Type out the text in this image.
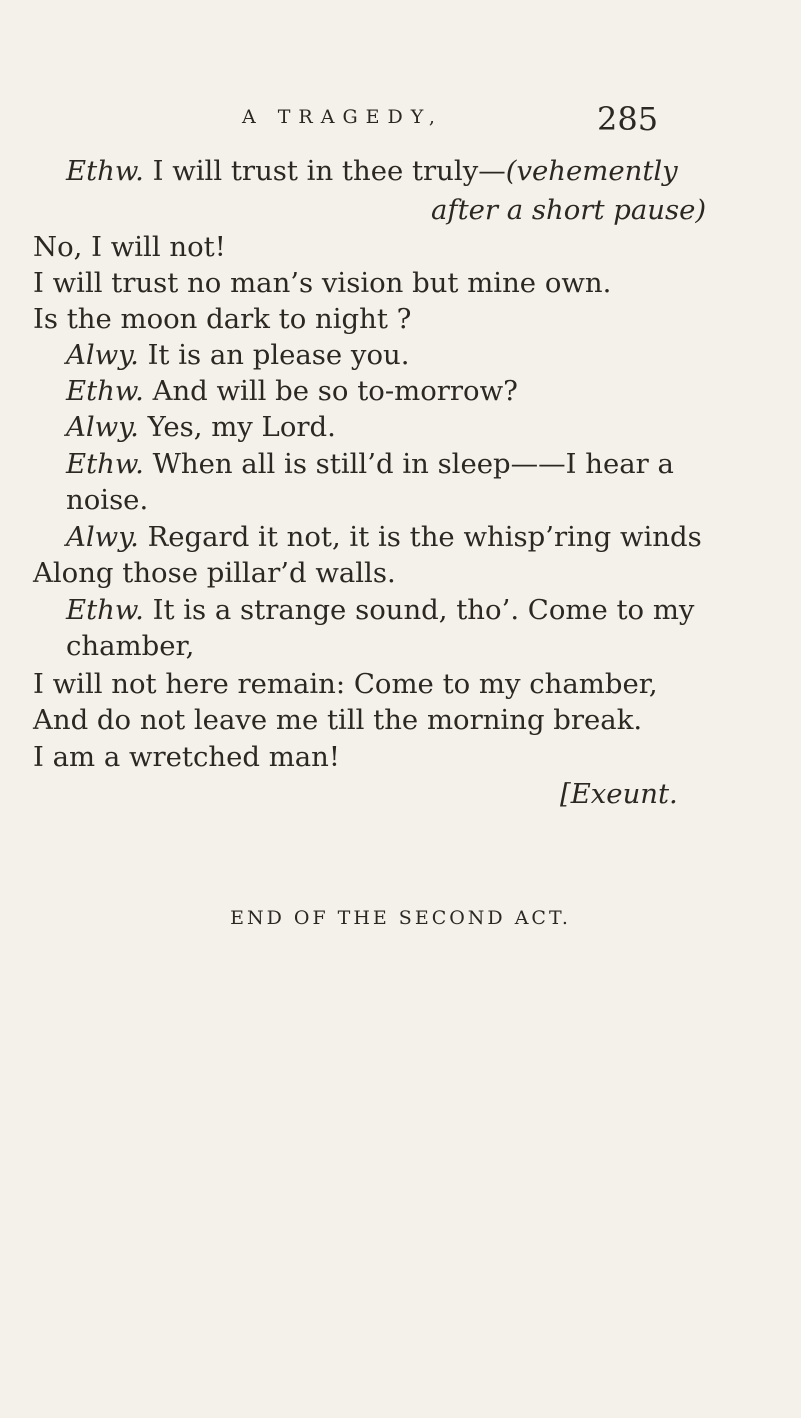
A TRAGEDY,	285
Ethw. I will trust in thee truly—(vehemently
after a short pause)
No, I will not!
I will trust no man’s vision but mine own.
Is the moon dark to night ?
Alwy. It is an please you.
Ethw. And will be so to-morrow?
Alwy. Yes, my Lord.
Ethw. When all is still’d in sleep——I hear a
noise.
Alwy. Regard it not, it is the whisp’ring winds
Along those pillar’d walls.
Ethw. It is a strange sound, tho’. Come to my
chamber,
I will not here remain: Come to my chamber,
And do not leave me till the morning break.
I am a wretched man!
[Exeunt.
END OF THE SECOND ACT.
